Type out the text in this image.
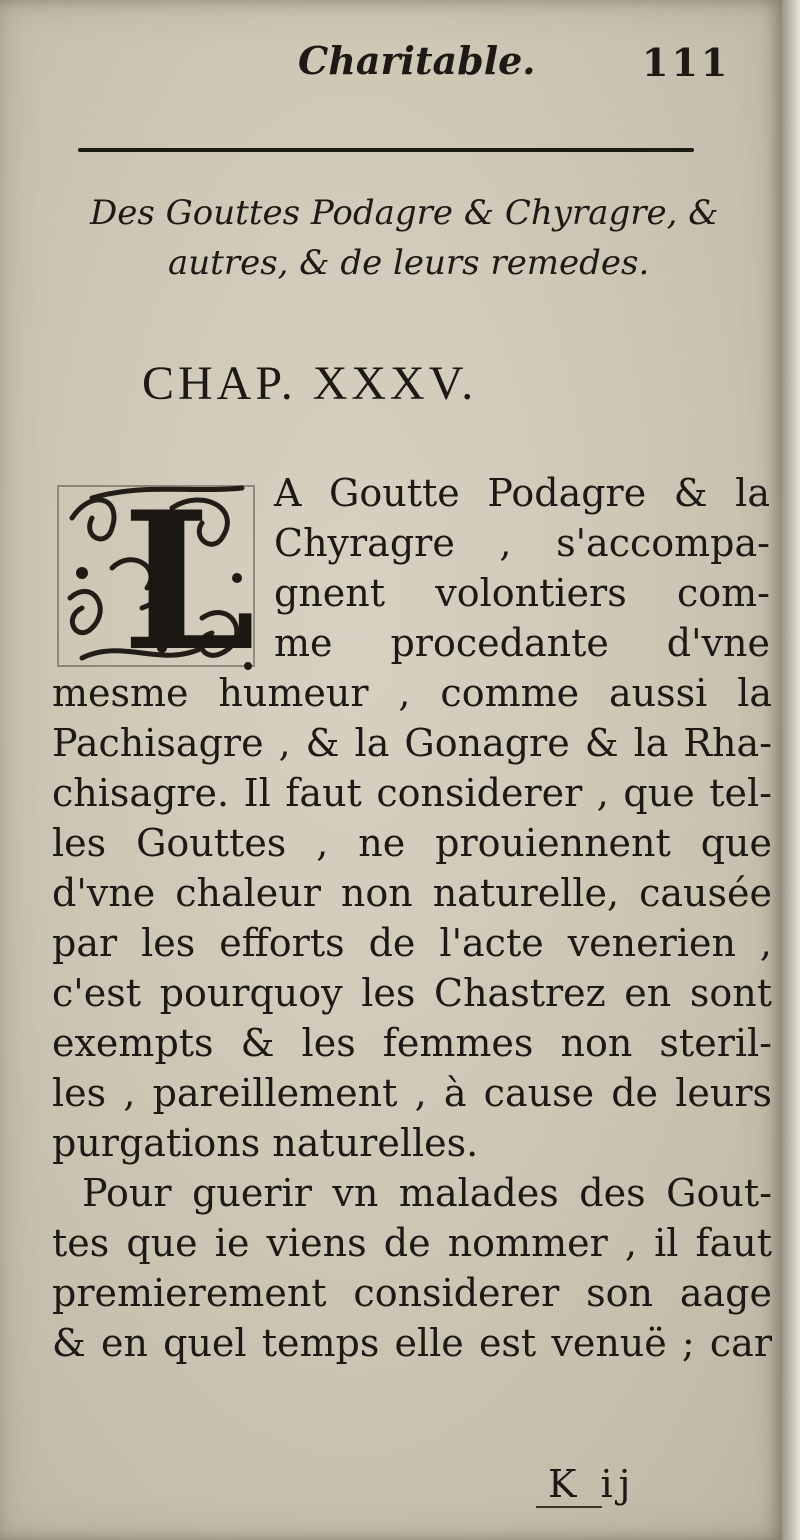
Charitable.	111
Des Gouttes Podagre & Chyragre, &
autres, & de leurs remedes.
CHAP. XXXV.
L A Goutte Podagre & la
Chyragre , s'accompa-
gnent volontiers com-
me procedante d'vne
mesme humeur , comme aussi la
Pachisagre , & la Gonagre & la Rha-
chisagre. Il faut considerer , que tel-
les Gouttes , ne prouiennent que
d'vne chaleur non naturelle, causée
par les efforts de l'acte venerien ,
c'est pourquoy les Chastrez en sont
exempts & les femmes non steril-
les , pareillement , à cause de leurs
purgations naturelles.
Pour guerir vn malades des Gout-
tes que ie viens de nommer , il faut
premierement considerer son aage
& en quel temps elle est venuë ; car
K ij
